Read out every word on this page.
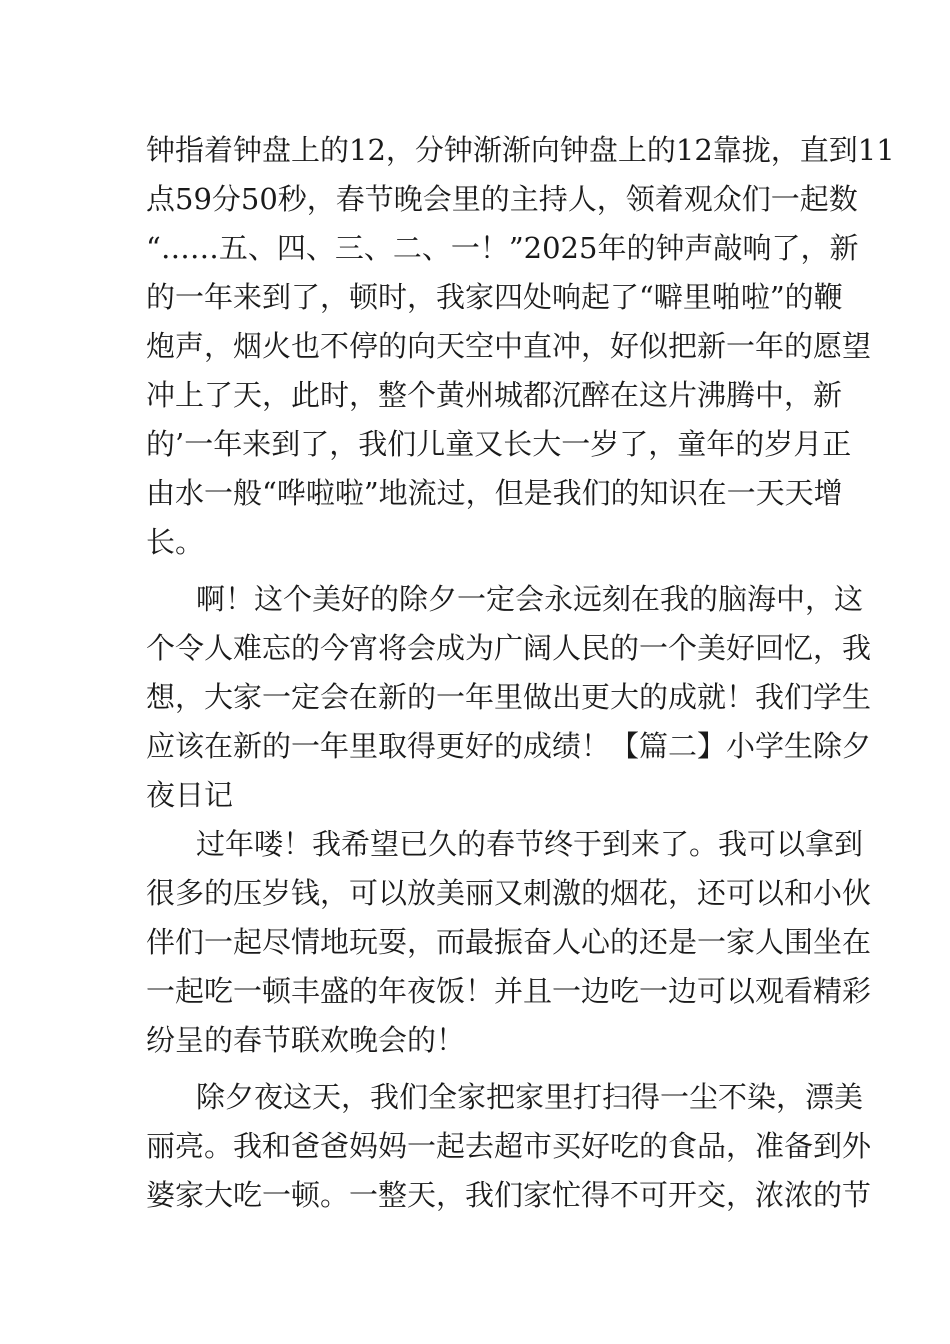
钟指着钟盘上的12，分钟渐渐向钟盘上的12靠拢，直到11
点59分50秒，春节晚会里的主持人，领着观众们一起数
“……五、四、三、二、一！”2025年的钟声敲响了，新
的一年来到了，顿时，我家四处响起了“噼里啪啦”的鞭
炮声，烟火也不停的向天空中直冲，好似把新一年的愿望
冲上了天，此时，整个黄州城都沉醉在这片沸腾中，新
的’一年来到了，我们儿童又长大一岁了，童年的岁月正
由水一般“哗啦啦”地流过，但是我们的知识在一天天增
长。
啊！这个美好的除夕一定会永远刻在我的脑海中，这
个令人难忘的今宵将会成为广阔人民的一个美好回忆，我
想，大家一定会在新的一年里做出更大的成就！我们学生
应该在新的一年里取得更好的成绩！【篇二】小学生除夕
夜日记
过年喽！我希望已久的春节终于到来了。我可以拿到
很多的压岁钱，可以放美丽又刺激的烟花，还可以和小伙
伴们一起尽情地玩耍，而最振奋人心的还是一家人围坐在
一起吃一顿丰盛的年夜饭！并且一边吃一边可以观看精彩
纷呈的春节联欢晚会的！
除夕夜这天，我们全家把家里打扫得一尘不染，漂美
丽亮。我和爸爸妈妈一起去超市买好吃的食品，准备到外
婆家大吃一顿。一整天，我们家忙得不可开交，浓浓的节
